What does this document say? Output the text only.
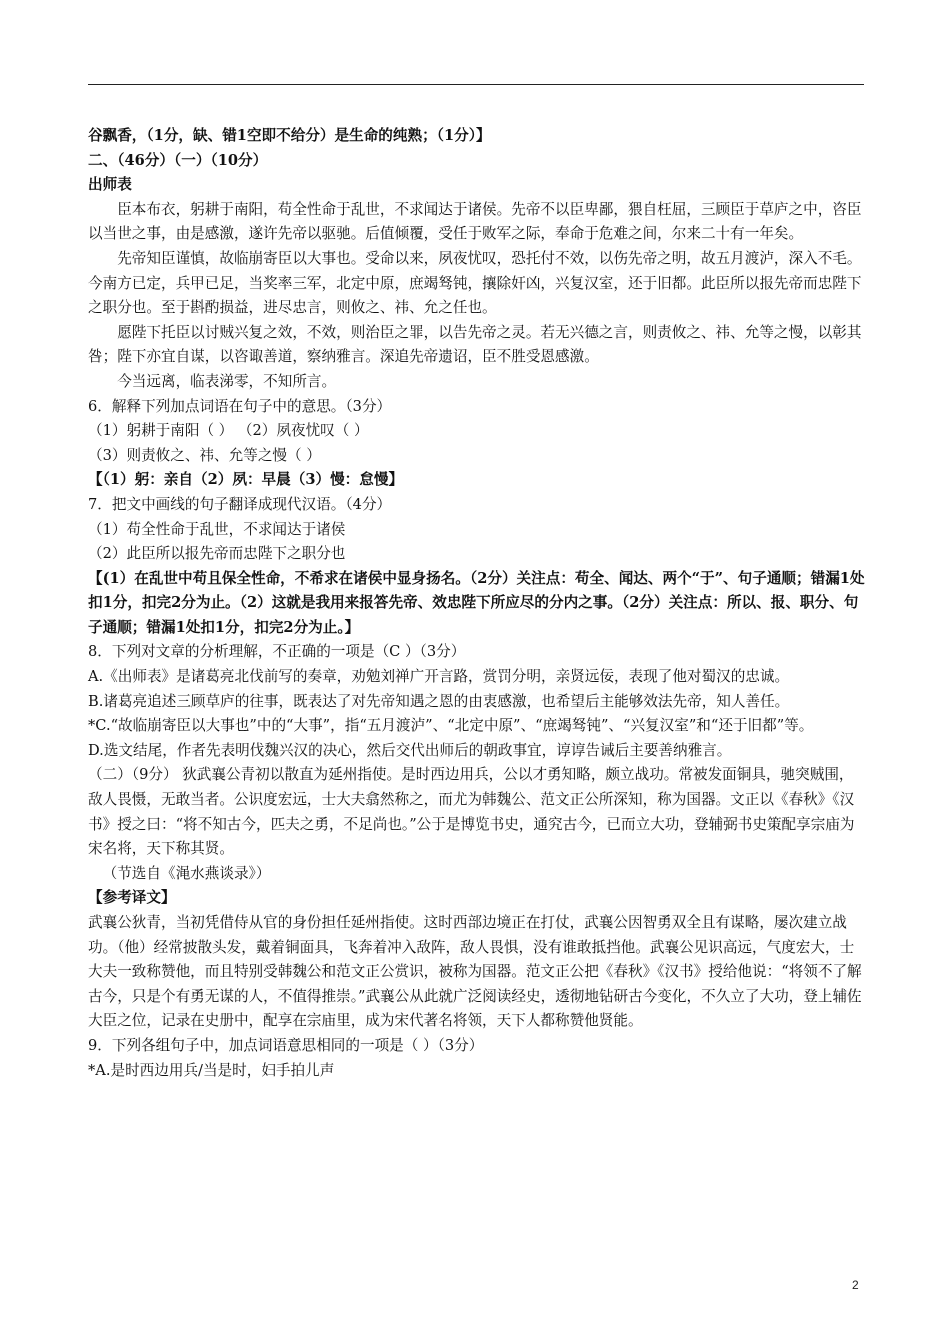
谷飘香，（1分，缺、错1空即不给分）是生命的纯熟；（1分）】

二、（46分）（一）（10分）

出师表

臣本布衣，躬耕于南阳，苟全性命于乱世，不求闻达于诸侯。先帝不以臣卑鄙，猥自枉屈，三顾臣于草庐之中，咨臣以当世之事，由是感激，遂许先帝以驱驰。后值倾覆，受任于败军之际，奉命于危难之间，尔来二十有一年矣。

先帝知臣谨慎，故临崩寄臣以大事也。受命以来，夙夜忧叹，恐托付不效，以伤先帝之明，故五月渡泸，深入不毛。今南方已定，兵甲已足，当奖率三军，北定中原，庶竭驽钝，攘除奸凶，兴复汉室，还于旧都。此臣所以报先帝而忠陛下之职分也。至于斟酌损益，进尽忠言，则攸之、祎、允之任也。

愿陛下托臣以讨贼兴复之效，不效，则治臣之罪，以告先帝之灵。若无兴德之言，则责攸之、祎、允等之慢，以彰其咎；陛下亦宜自谋，以咨诹善道，察纳雅言。深追先帝遗诏，臣不胜受恩感激。

今当远离，临表涕零，不知所言。

6．解释下列加点词语在句子中的意思。（3分）

（1）躬耕于南阳（ ） （2）夙夜忧叹（ ）

（3）则责攸之、祎、允等之慢（ ）

【（1）躬：亲自（2）夙：早晨（3）慢：怠慢】

7．把文中画线的句子翻译成现代汉语。（4分）

（1）苟全性命于乱世，不求闻达于诸侯

（2）此臣所以报先帝而忠陛下之职分也

【(1）在乱世中苟且保全性命，不希求在诸侯中显身扬名。（2分）关注点：苟全、闻达、两个“于”、句子通顺；错漏1处扣1分，扣完2分为止。（2）这就是我用来报答先帝、效忠陛下所应尽的分内之事。（2分）关注点：所以、报、职分、句子通顺；错漏1处扣1分，扣完2分为止。】

8．下列对文章的分析理解，不正确的一项是（C ）（3分）

A.《出师表》是诸葛亮北伐前写的奏章，劝勉刘禅广开言路，赏罚分明，亲贤远佞，表现了他对蜀汉的忠诚。

B.诸葛亮追述三顾草庐的往事，既表达了对先帝知遇之恩的由衷感激，也希望后主能够效法先帝，知人善任。

*C.“故临崩寄臣以大事也”中的“大事”，指“五月渡泸”、“北定中原”、“庶竭驽钝”、“兴复汉室”和“还于旧都”等。

D.选文结尾，作者先表明伐魏兴汉的决心，然后交代出师后的朝政事宜，谆谆告诫后主要善纳雅言。

（二）（9分） 狄武襄公青初以散直为延州指使。是时西边用兵，公以才勇知略，颇立战功。常被发面铜具，驰突贼围，敌人畏慑，无敢当者。公识度宏远，士大夫翕然称之，而尤为韩魏公、范文正公所深知，称为国器。文正以《春秋》《汉书》授之曰：“将不知古今，匹夫之勇，不足尚也。”公于是博览书史，通究古今，已而立大功，登辅弼书史策配享宗庙为宋名将，天下称其贤。

（节选自《渑水燕谈录》）

【参考译文】

武襄公狄青，当初凭借侍从官的身份担任延州指使。这时西部边境正在打仗，武襄公因智勇双全且有谋略，屡次建立战功。（他）经常披散头发，戴着铜面具，飞奔着冲入敌阵，敌人畏惧，没有谁敢抵挡他。武襄公见识高远，气度宏大，士大夫一致称赞他，而且特别受韩魏公和范文正公赏识，被称为国器。范文正公把《春秋》《汉书》授给他说：“将领不了解古今，只是个有勇无谋的人，不值得推崇。”武襄公从此就广泛阅读经史，透彻地钻研古今变化，不久立了大功，登上辅佐大臣之位，记录在史册中，配享在宗庙里，成为宋代著名将领，天下人都称赞他贤能。

9．下列各组句子中，加点词语意思相同的一项是（ ）（3分）

*A.是时西边用兵/当是时，妇手拍儿声

2
